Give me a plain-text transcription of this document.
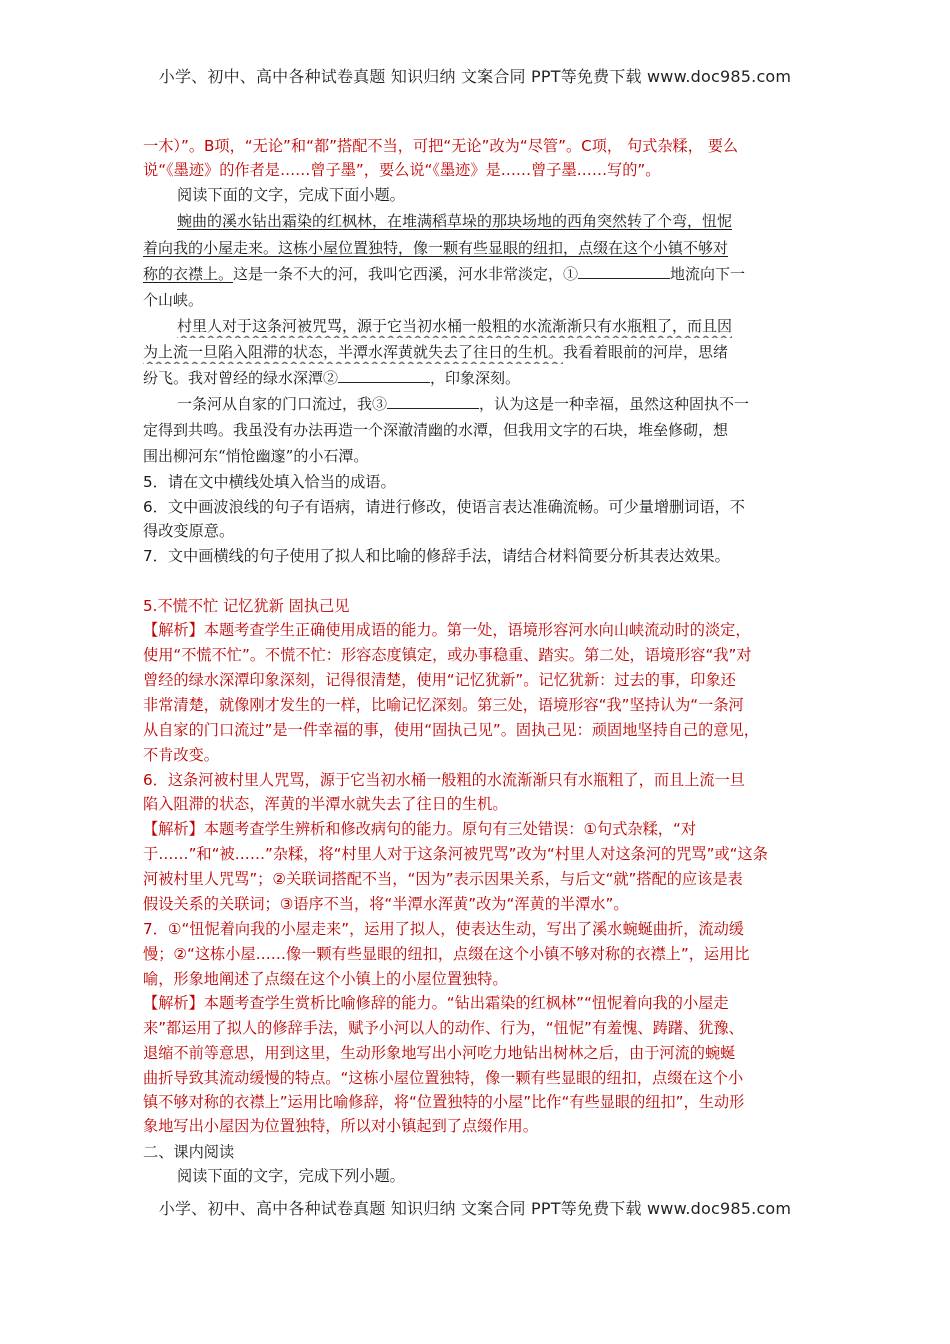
小学、初中、高中各种试卷真题 知识归纳 文案合同 PPT等免费下载 www.doc985.com
一木）”。B项，“无论”和“都”搭配不当，可把“无论”改为“尽管”。C项， 句式杂糅， 要么
说“《墨迹》的作者是……曾子墨”，要么说“《墨迹》是……曾子墨……写的”。
阅读下面的文字，完成下面小题。
蜿曲的溪水钻出霜染的红枫林，在堆满稻草垛的那块场地的西角突然转了个弯，忸怩
着向我的小屋走来。这栋小屋位置独特，像一颗有些显眼的纽扣，点缀在这个小镇不够对
称的衣襟上。这是一条不大的河，我叫它西溪，河水非常淡定，①	地流向下一
个山峡。
村里人对于这条河被咒骂，源于它当初水桶一般粗的水流渐渐只有水瓶粗了，而且因
为上流一旦陷入阻滞的状态，半潭水浑黄就失去了往日的生机。我看着眼前的河岸，思绪
纷飞。我对曾经的绿水深潭②	，印象深刻。
一条河从自家的门口流过，我③	，认为这是一种幸福，虽然这种固执不一
定得到共鸣。我虽没有办法再造一个深澈清幽的水潭，但我用文字的石块，堆垒修砌，想
围出柳河东“悄怆幽邃”的小石潭。
5．请在文中横线处填入恰当的成语。
6．文中画波浪线的句子有语病，请进行修改，使语言表达准确流畅。可少量增删词语，不
得改变原意。
7．文中画横线的句子使用了拟人和比喻的修辞手法，请结合材料简要分析其表达效果。
5.不慌不忙 记忆犹新 固执己见
【解析】本题考查学生正确使用成语的能力。第一处，语境形容河水向山峡流动时的淡定，
使用“不慌不忙”。不慌不忙：形容态度镇定，或办事稳重、踏实。第二处，语境形容“我”对
曾经的绿水深潭印象深刻，记得很清楚，使用“记忆犹新”。记忆犹新：过去的事，印象还
非常清楚，就像刚才发生的一样，比喻记忆深刻。第三处，语境形容“我”坚持认为“一条河
从自家的门口流过”是一件幸福的事，使用“固执己见”。固执己见：顽固地坚持自己的意见，
不肯改变。
6．这条河被村里人咒骂，源于它当初水桶一般粗的水流渐渐只有水瓶粗了，而且上流一旦
陷入阻滞的状态，浑黄的半潭水就失去了往日的生机。
【解析】本题考查学生辨析和修改病句的能力。原句有三处错误：①句式杂糅，“对
于……”和“被……”杂糅，将“村里人对于这条河被咒骂”改为“村里人对这条河的咒骂”或“这条
河被村里人咒骂”；②关联词搭配不当，“因为”表示因果关系，与后文“就”搭配的应该是表
假设关系的关联词；③语序不当，将“半潭水浑黄”改为“浑黄的半潭水”。
7．①“忸怩着向我的小屋走来”，运用了拟人，使表达生动，写出了溪水蜿蜒曲折，流动缓
慢；②“这栋小屋……像一颗有些显眼的纽扣，点缀在这个小镇不够对称的衣襟上”，运用比
喻，形象地阐述了点缀在这个小镇上的小屋位置独特。
【解析】本题考查学生赏析比喻修辞的能力。“钻出霜染的红枫林”“忸怩着向我的小屋走
来”都运用了拟人的修辞手法，赋予小河以人的动作、行为，“忸怩”有羞愧、踌躇、犹豫、
退缩不前等意思，用到这里，生动形象地写出小河吃力地钻出树林之后，由于河流的蜿蜒
曲折导致其流动缓慢的特点。“这栋小屋位置独特，像一颗有些显眼的纽扣，点缀在这个小
镇不够对称的衣襟上”运用比喻修辞，将“位置独特的小屋”比作“有些显眼的纽扣”，生动形
象地写出小屋因为位置独特，所以对小镇起到了点缀作用。
二、课内阅读
阅读下面的文字，完成下列小题。
小学、初中、高中各种试卷真题 知识归纳 文案合同 PPT等免费下载 www.doc985.com
